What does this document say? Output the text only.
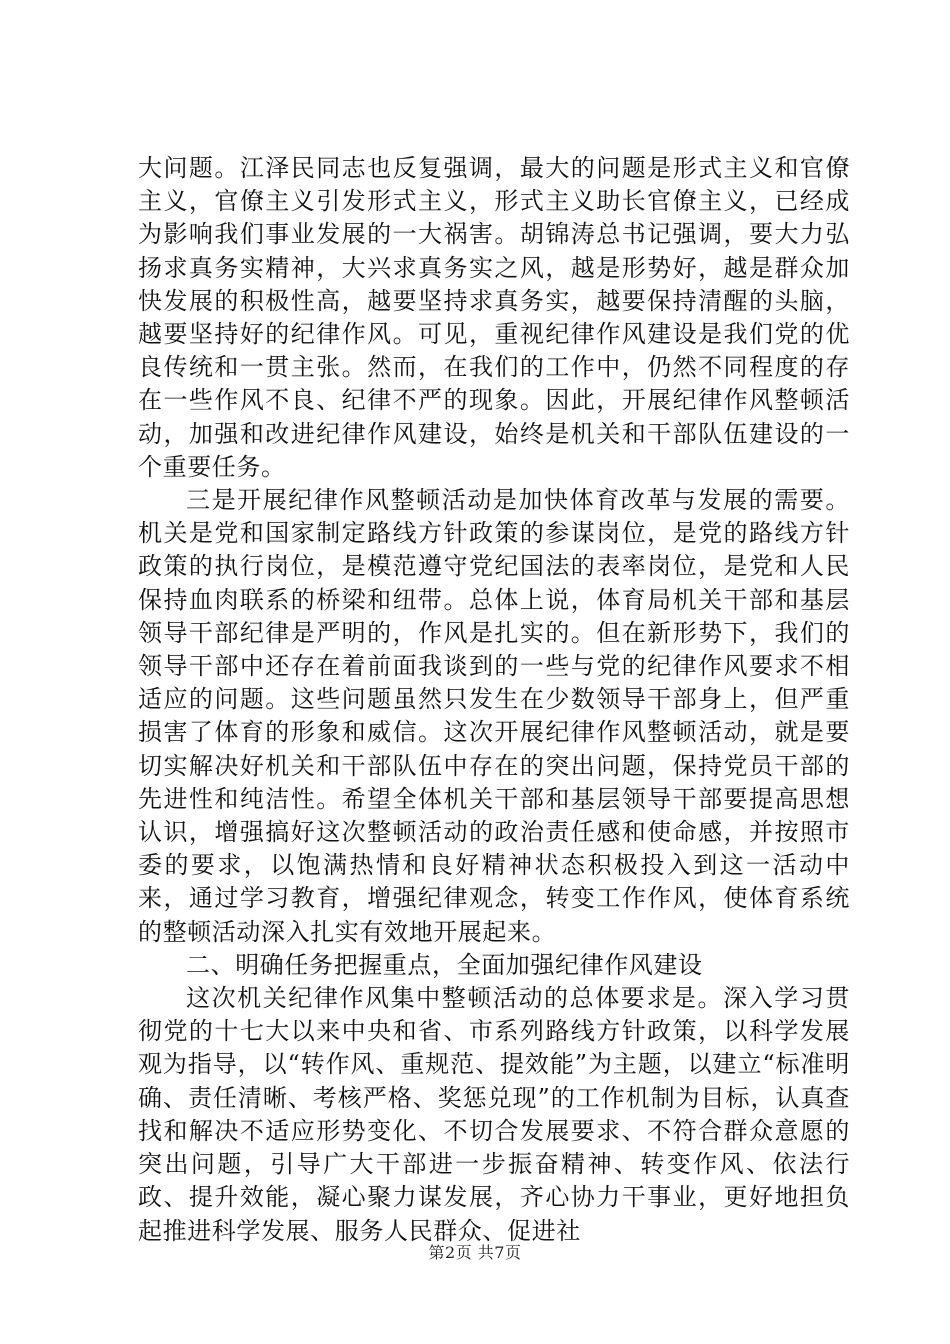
大问题。江泽民同志也反复强调，最大的问题是形式主义和官僚主义，官僚主义引发形式主义，形式主义助长官僚主义，已经成为影响我们事业发展的一大祸害。胡锦涛总书记强调，要大力弘扬求真务实精神，大兴求真务实之风，越是形势好，越是群众加快发展的积极性高，越要坚持求真务实，越要保持清醒的头脑，越要坚持好的纪律作风。可见，重视纪律作风建设是我们党的优良传统和一贯主张。然而，在我们的工作中，仍然不同程度的存在一些作风不良、纪律不严的现象。因此，开展纪律作风整顿活动，加强和改进纪律作风建设，始终是机关和干部队伍建设的一个重要任务。

三是开展纪律作风整顿活动是加快体育改革与发展的需要。机关是党和国家制定路线方针政策的参谋岗位，是党的路线方针政策的执行岗位，是模范遵守党纪国法的表率岗位，是党和人民保持血肉联系的桥梁和纽带。总体上说，体育局机关干部和基层领导干部纪律是严明的，作风是扎实的。但在新形势下，我们的领导干部中还存在着前面我谈到的一些与党的纪律作风要求不相适应的问题。这些问题虽然只发生在少数领导干部身上，但严重损害了体育的形象和威信。这次开展纪律作风整顿活动，就是要切实解决好机关和干部队伍中存在的突出问题，保持党员干部的先进性和纯洁性。希望全体机关干部和基层领导干部要提高思想认识，增强搞好这次整顿活动的政治责任感和使命感，并按照市委的要求，以饱满热情和良好精神状态积极投入到这一活动中来，通过学习教育，增强纪律观念，转变工作作风，使体育系统的整顿活动深入扎实有效地开展起来。

二、明确任务把握重点，全面加强纪律作风建设

这次机关纪律作风集中整顿活动的总体要求是。深入学习贯彻党的十七大以来中央和省、市系列路线方针政策，以科学发展观为指导，以“转作风、重规范、提效能”为主题，以建立“标准明确、责任清晰、考核严格、奖惩兑现”的工作机制为目标，认真查找和解决不适应形势变化、不切合发展要求、不符合群众意愿的突出问题，引导广大干部进一步振奋精神、转变作风、依法行政、提升效能，凝心聚力谋发展，齐心协力干事业，更好地担负起推进科学发展、服务人民群众、促进社

第2页 共7页
